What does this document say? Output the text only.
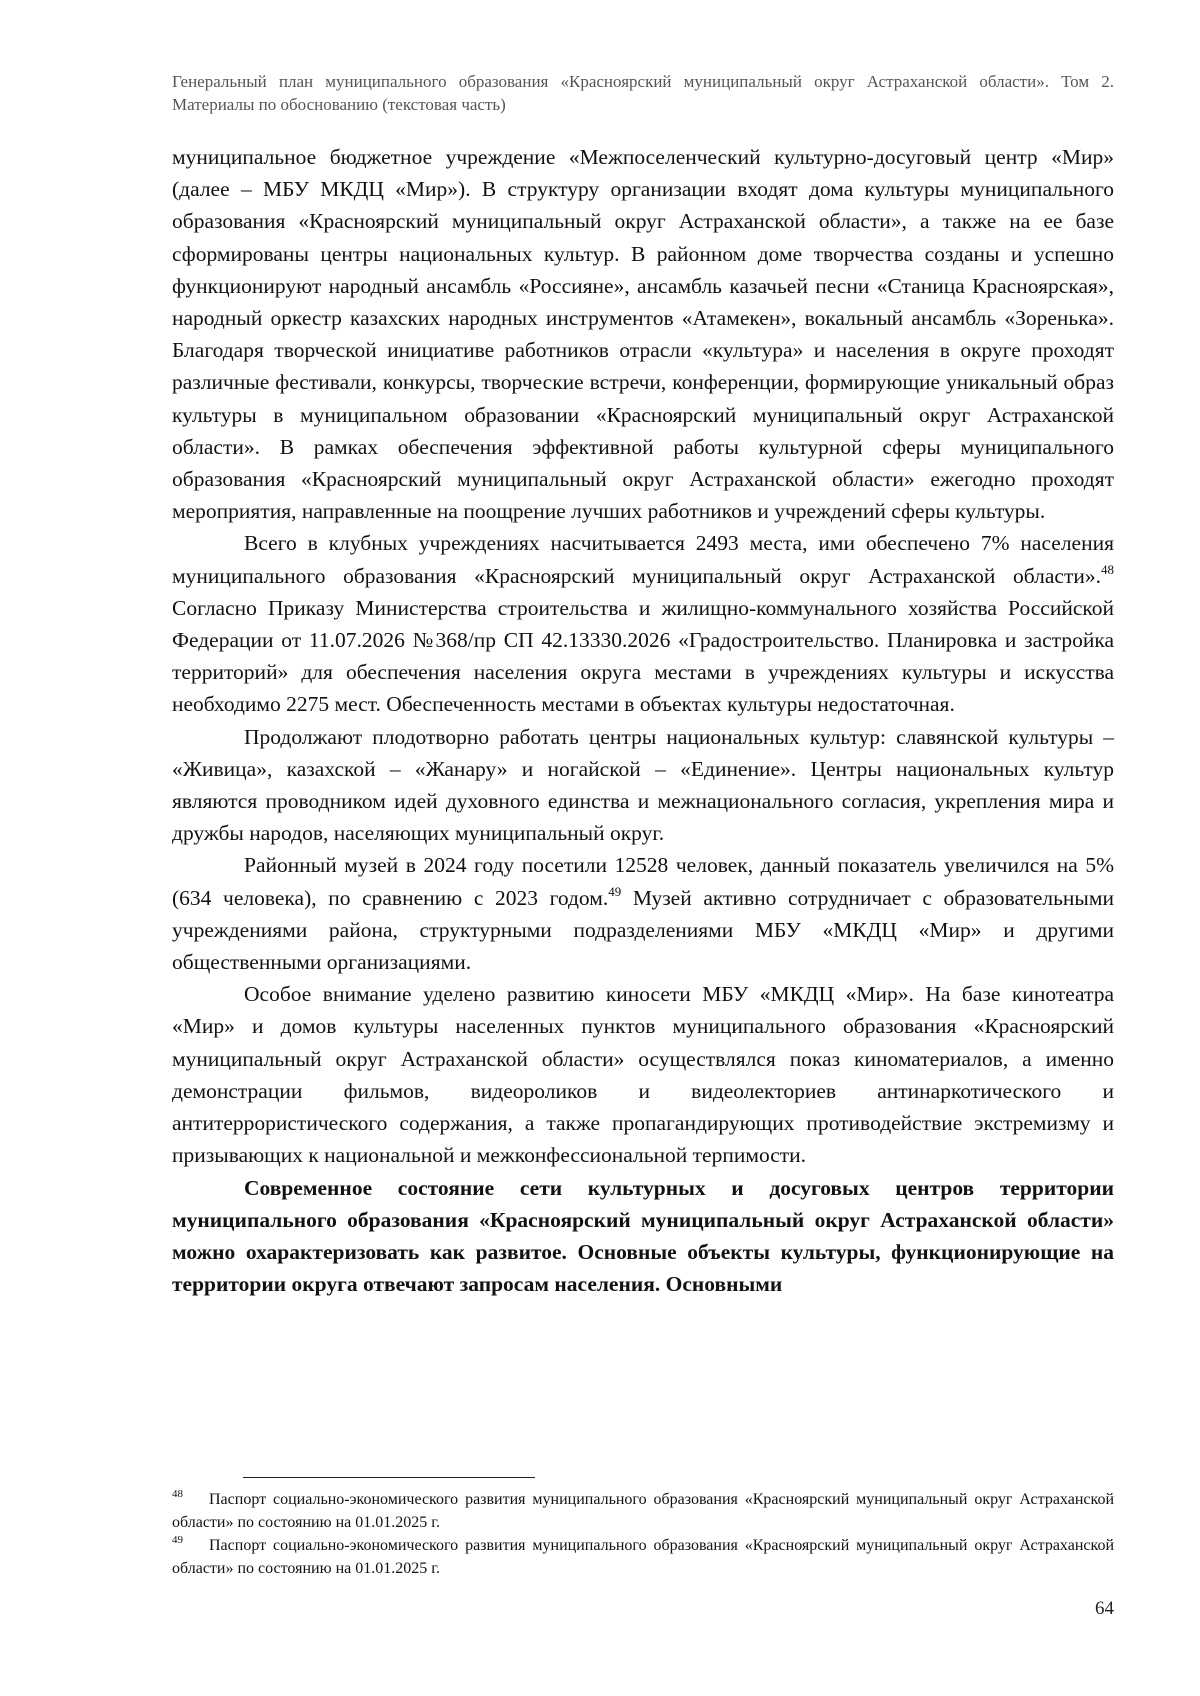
Генеральный план муниципального образования «Красноярский муниципальный округ Астраханской области». Том 2. Материалы по обоснованию (текстовая часть)

муниципальное бюджетное учреждение «Межпоселенческий культурно-досуговый центр «Мир» (далее – МБУ МКДЦ «Мир»). В структуру организации входят дома культуры муниципального образования «Красноярский муниципальный округ Астраханской области», а также на ее базе сформированы центры национальных культур. В районном доме творчества созданы и успешно функционируют народный ансамбль «Россияне», ансамбль казачьей песни «Станица Красноярская», народный оркестр казахских народных инструментов «Атамекен», вокальный ансамбль «Зоренька». Благодаря творческой инициативе работников отрасли «культура» и населения в округе проходят различные фестивали, конкурсы, творческие встречи, конференции, формирующие уникальный образ культуры в муниципальном образовании «Красноярский муниципальный округ Астраханской области». В рамках обеспечения эффективной работы культурной сферы муниципального образования «Красноярский муниципальный округ Астраханской области» ежегодно проходят мероприятия, направленные на поощрение лучших работников и учреждений сферы культуры.

Всего в клубных учреждениях насчитывается 2493 места, ими обеспечено 7% населения муниципального образования «Красноярский муниципальный округ Астраханской области».$^{48}$ Согласно Приказу Министерства строительства и жилищно-коммунального хозяйства Российской Федерации от 11.07.2026 №368/пр СП 42.13330.2026 «Градостроительство. Планировка и застройка территорий» для обеспечения населения округа местами в учреждениях культуры и искусства необходимо 2275 мест. Обеспеченность местами в объектах культуры недостаточная.

Продолжают плодотворно работать центры национальных культур: славянской культуры – «Живица», казахской – «Жанару» и ногайской – «Единение». Центры национальных культур являются проводником идей духовного единства и межнационального согласия, укрепления мира и дружбы народов, населяющих муниципальный округ.

Районный музей в 2024 году посетили 12528 человек, данный показатель увеличился на 5% (634 человека), по сравнению с 2023 годом.$^{49}$ Музей активно сотрудничает с образовательными учреждениями района, структурными подразделениями МБУ «МКДЦ «Мир» и другими общественными организациями.

Особое внимание уделено развитию киносети МБУ «МКДЦ «Мир». На базе кинотеатра «Мир» и домов культуры населенных пунктов муниципального образования «Красноярский муниципальный округ Астраханской области» осуществлялся показ киноматериалов, а именно демонстрации фильмов, видеороликов и видеолекториев антинаркотического и антитеррористического содержания, а также пропагандирующих противодействие экстремизму и призывающих к национальной и межконфессиональной терпимости.

Современное состояние сети культурных и досуговых центров территории муниципального образования «Красноярский муниципальный округ Астраханской области» можно охарактеризовать как развитое. Основные объекты культуры, функционирующие на территории округа отвечают запросам населения. Основными

$^{48}$ Паспорт социально-экономического развития муниципального образования «Красноярский муниципальный округ Астраханской области» по состоянию на 01.01.2025 г.

$^{49}$ Паспорт социально-экономического развития муниципального образования «Красноярский муниципальный округ Астраханской области» по состоянию на 01.01.2025 г.

64
